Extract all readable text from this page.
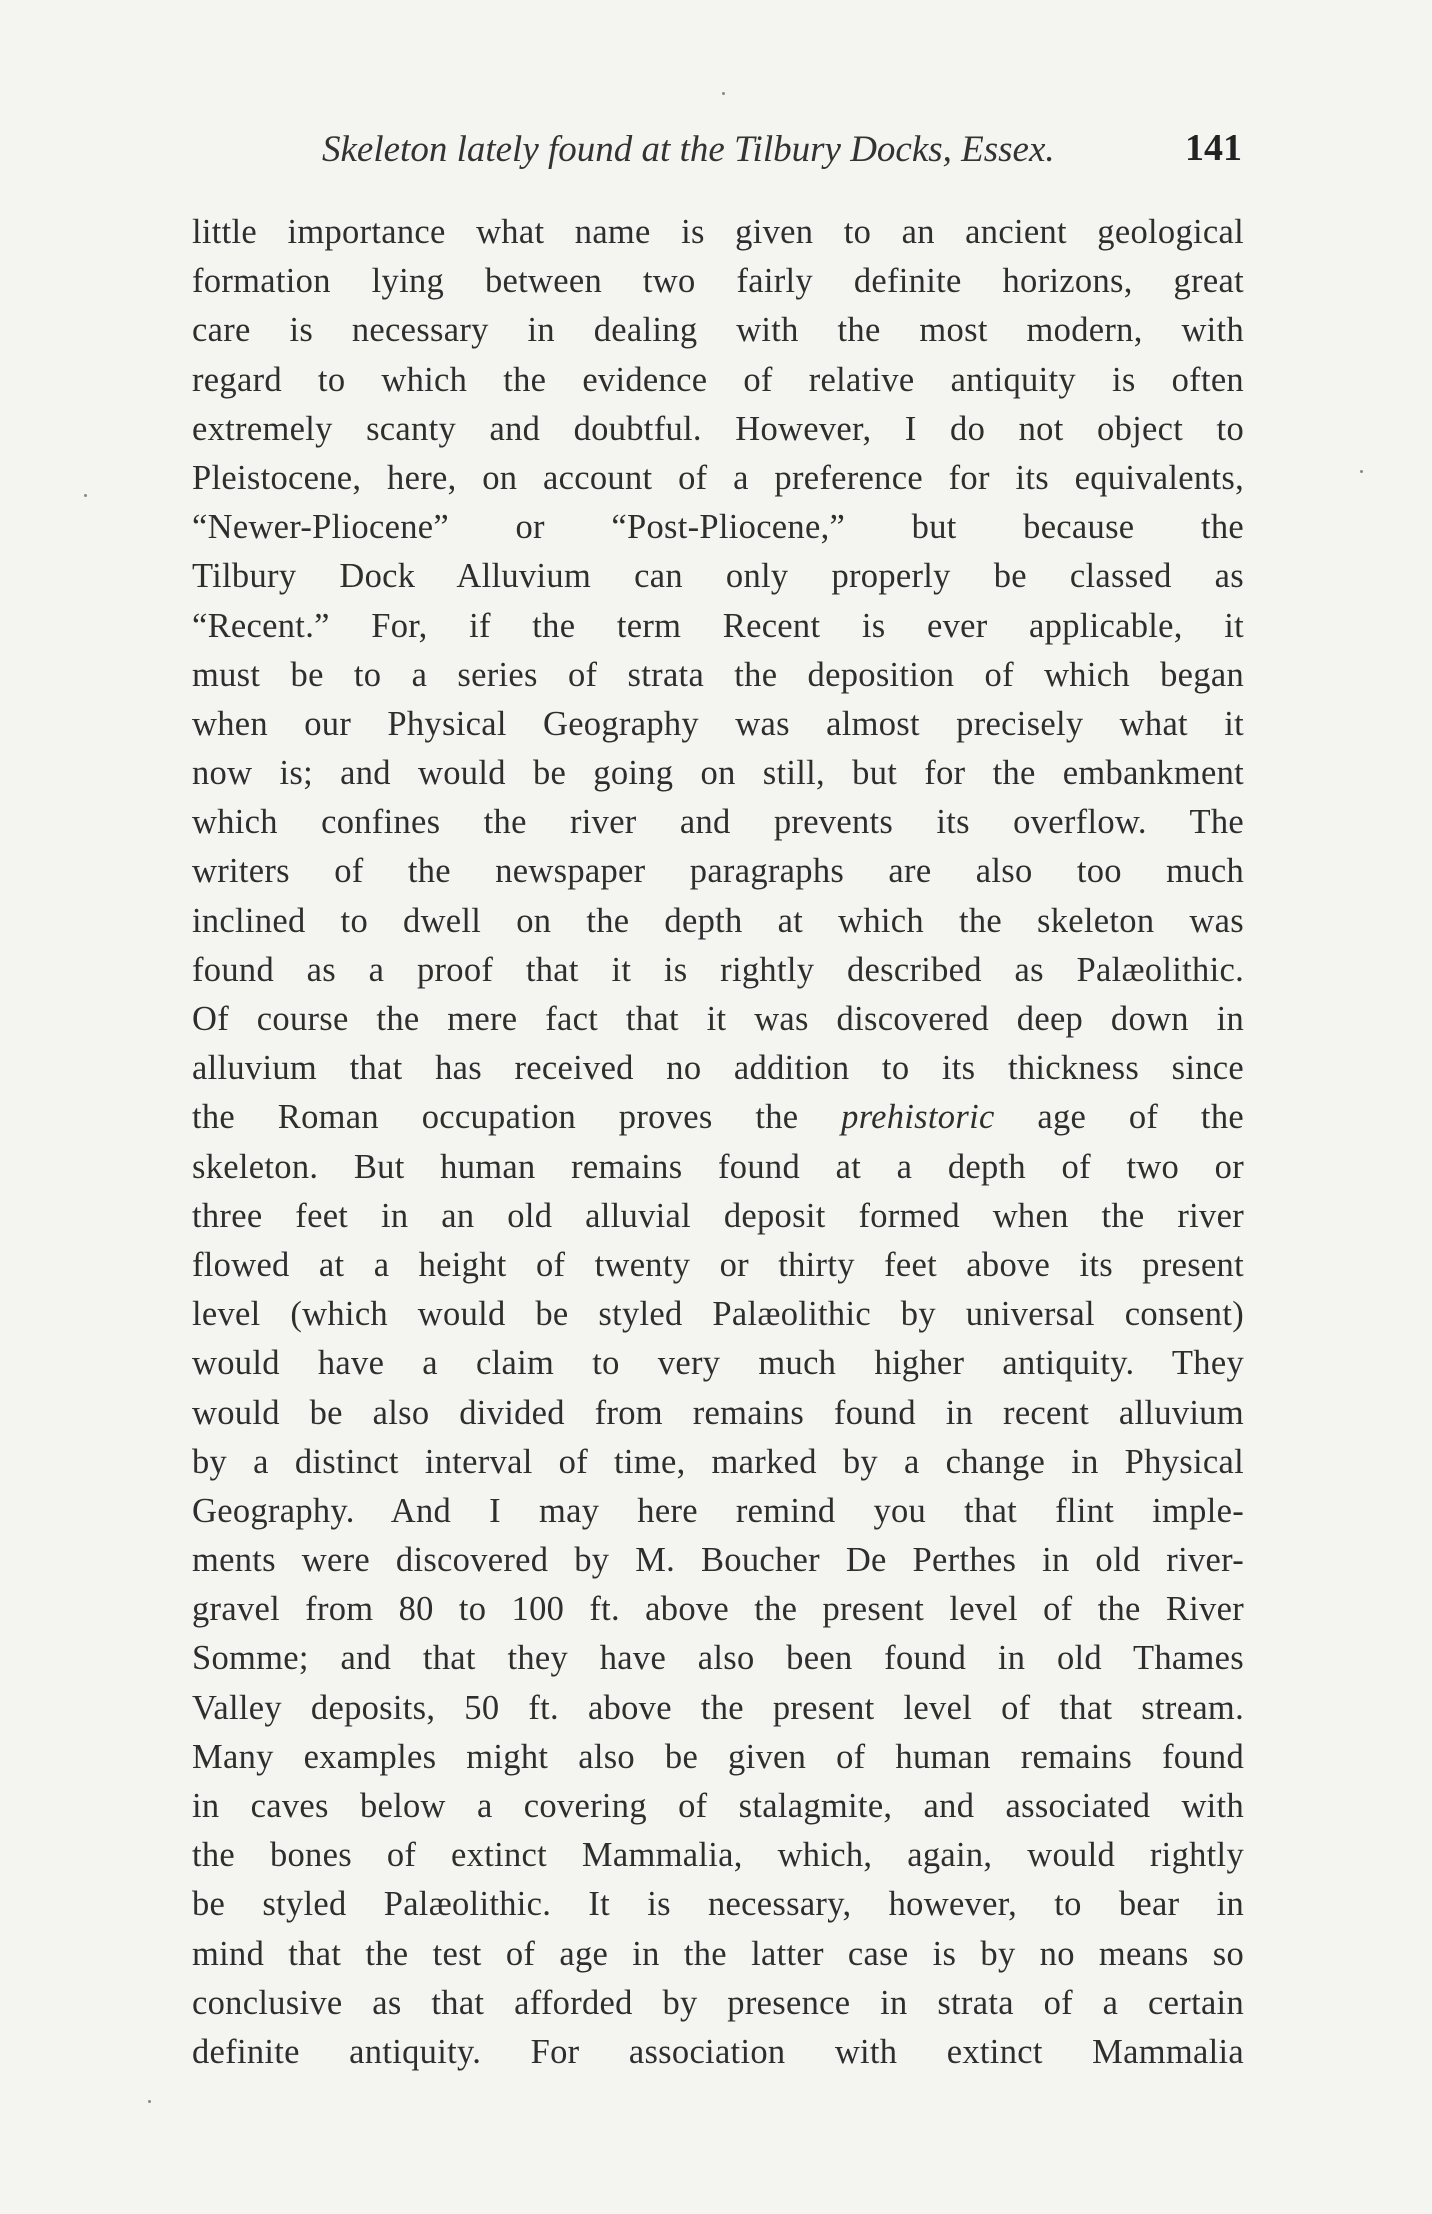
Skeleton lately found at the Tilbury Docks, Essex.	141
little importance what name is given to an ancient geological
formation lying between two fairly definite horizons, great
care is necessary in dealing with the most modern, with
regard to which the evidence of relative antiquity is often
extremely scanty and doubtful. However, I do not object to
Pleistocene, here, on account of a preference for its equivalents,
“Newer-Pliocene” or “Post-Pliocene,” but because the
Tilbury Dock Alluvium can only properly be classed as
“Recent.” For, if the term Recent is ever applicable, it
must be to a series of strata the deposition of which began
when our Physical Geography was almost precisely what it
now is; and would be going on still, but for the embankment
which confines the river and prevents its overflow. The
writers of the newspaper paragraphs are also too much
inclined to dwell on the depth at which the skeleton was
found as a proof that it is rightly described as Palæolithic.
Of course the mere fact that it was discovered deep down in
alluvium that has received no addition to its thickness since
the Roman occupation proves the prehistoric age of the
skeleton. But human remains found at a depth of two or
three feet in an old alluvial deposit formed when the river
flowed at a height of twenty or thirty feet above its present
level (which would be styled Palæolithic by universal consent)
would have a claim to very much higher antiquity. They
would be also divided from remains found in recent alluvium
by a distinct interval of time, marked by a change in Physical
Geography. And I may here remind you that flint imple-
ments were discovered by M. Boucher De Perthes in old river-
gravel from 80 to 100 ft. above the present level of the River
Somme; and that they have also been found in old Thames
Valley deposits, 50 ft. above the present level of that stream.
Many examples might also be given of human remains found
in caves below a covering of stalagmite, and associated with
the bones of extinct Mammalia, which, again, would rightly
be styled Palæolithic. It is necessary, however, to bear in
mind that the test of age in the latter case is by no means so
conclusive as that afforded by presence in strata of a certain
definite antiquity. For association with extinct Mammalia
